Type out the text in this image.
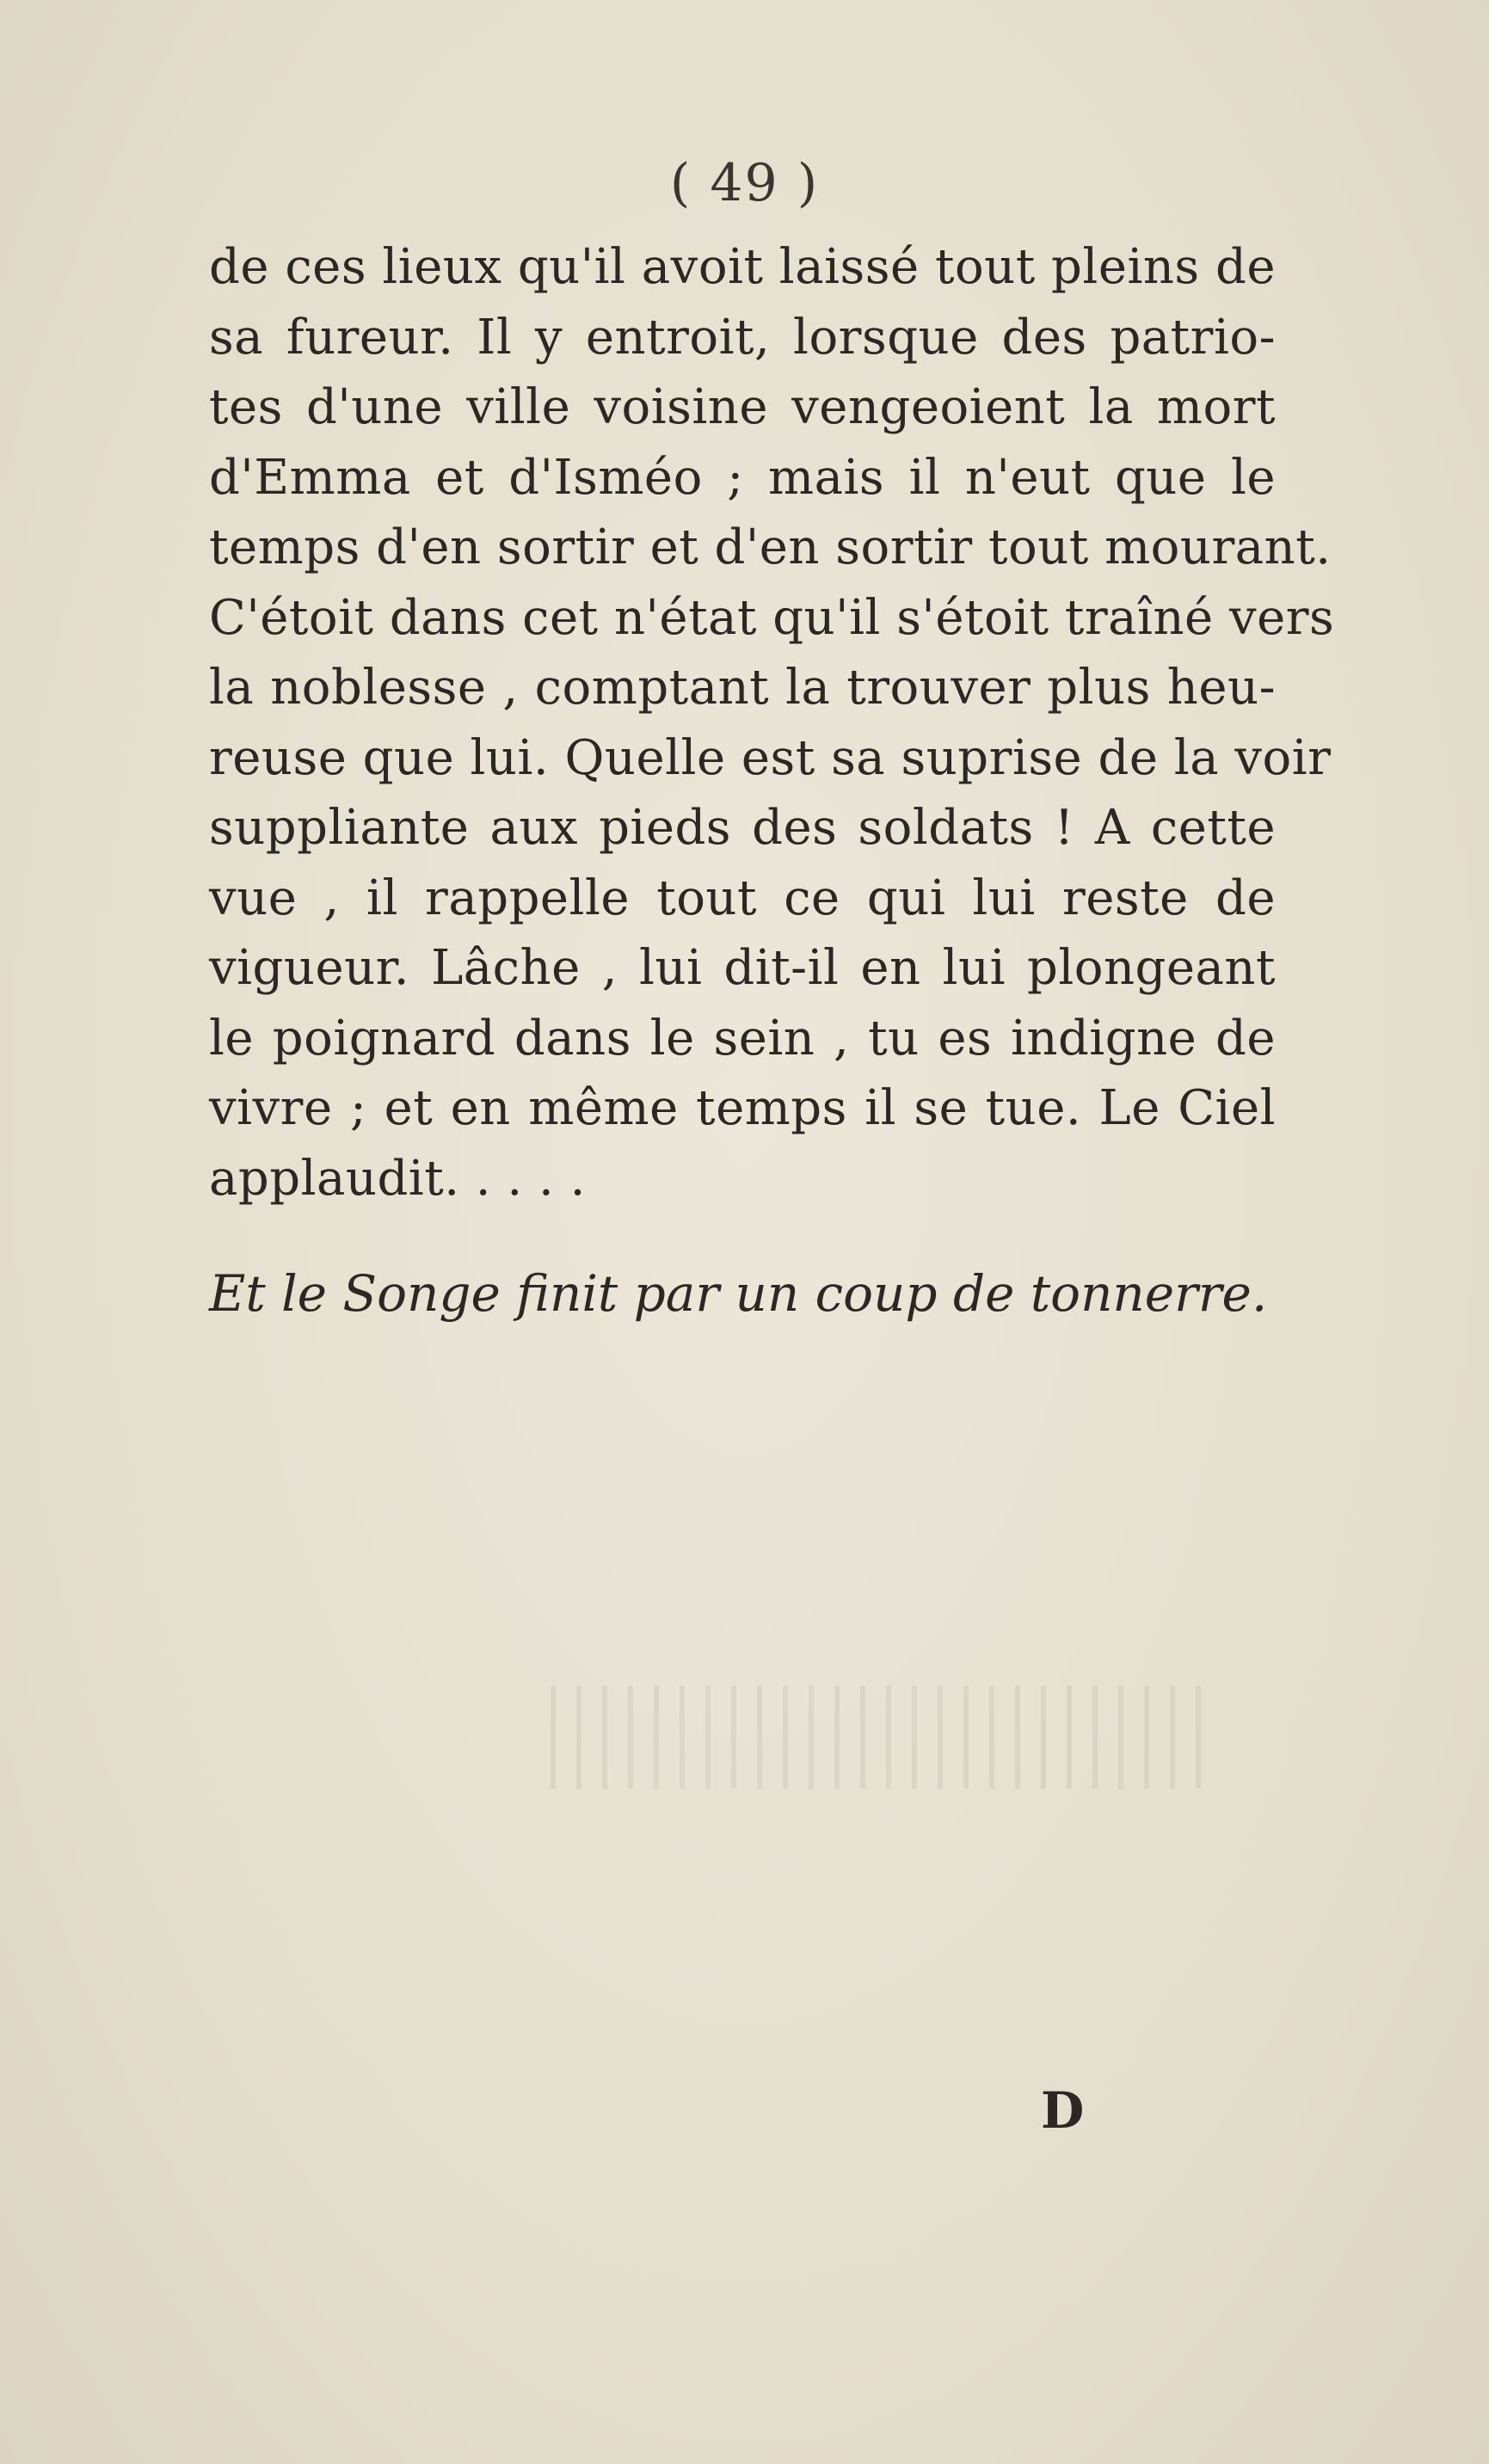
( 49 )
de ces lieux qu'il avoit laissé tout pleins de
sa fureur. Il y entroit, lorsque des patrio-
tes d'une ville voisine vengeoient la mort
d'Emma et d'Isméo ; mais il n'eut que le
temps d'en sortir et d'en sortir tout mourant.
C'étoit dans cet n'état qu'il s'étoit traîné vers
la noblesse , comptant la trouver plus heu-
reuse que lui. Quelle est sa suprise de la voir
suppliante aux pieds des soldats ! A cette
vue , il rappelle tout ce qui lui reste de
vigueur. Lâche , lui dit-il en lui plongeant
le poignard dans le sein , tu es indigne de
vivre ; et en même temps il se tue. Le Ciel
applaudit. . . . .
Et le Songe finit par un coup de tonnerre.
D
